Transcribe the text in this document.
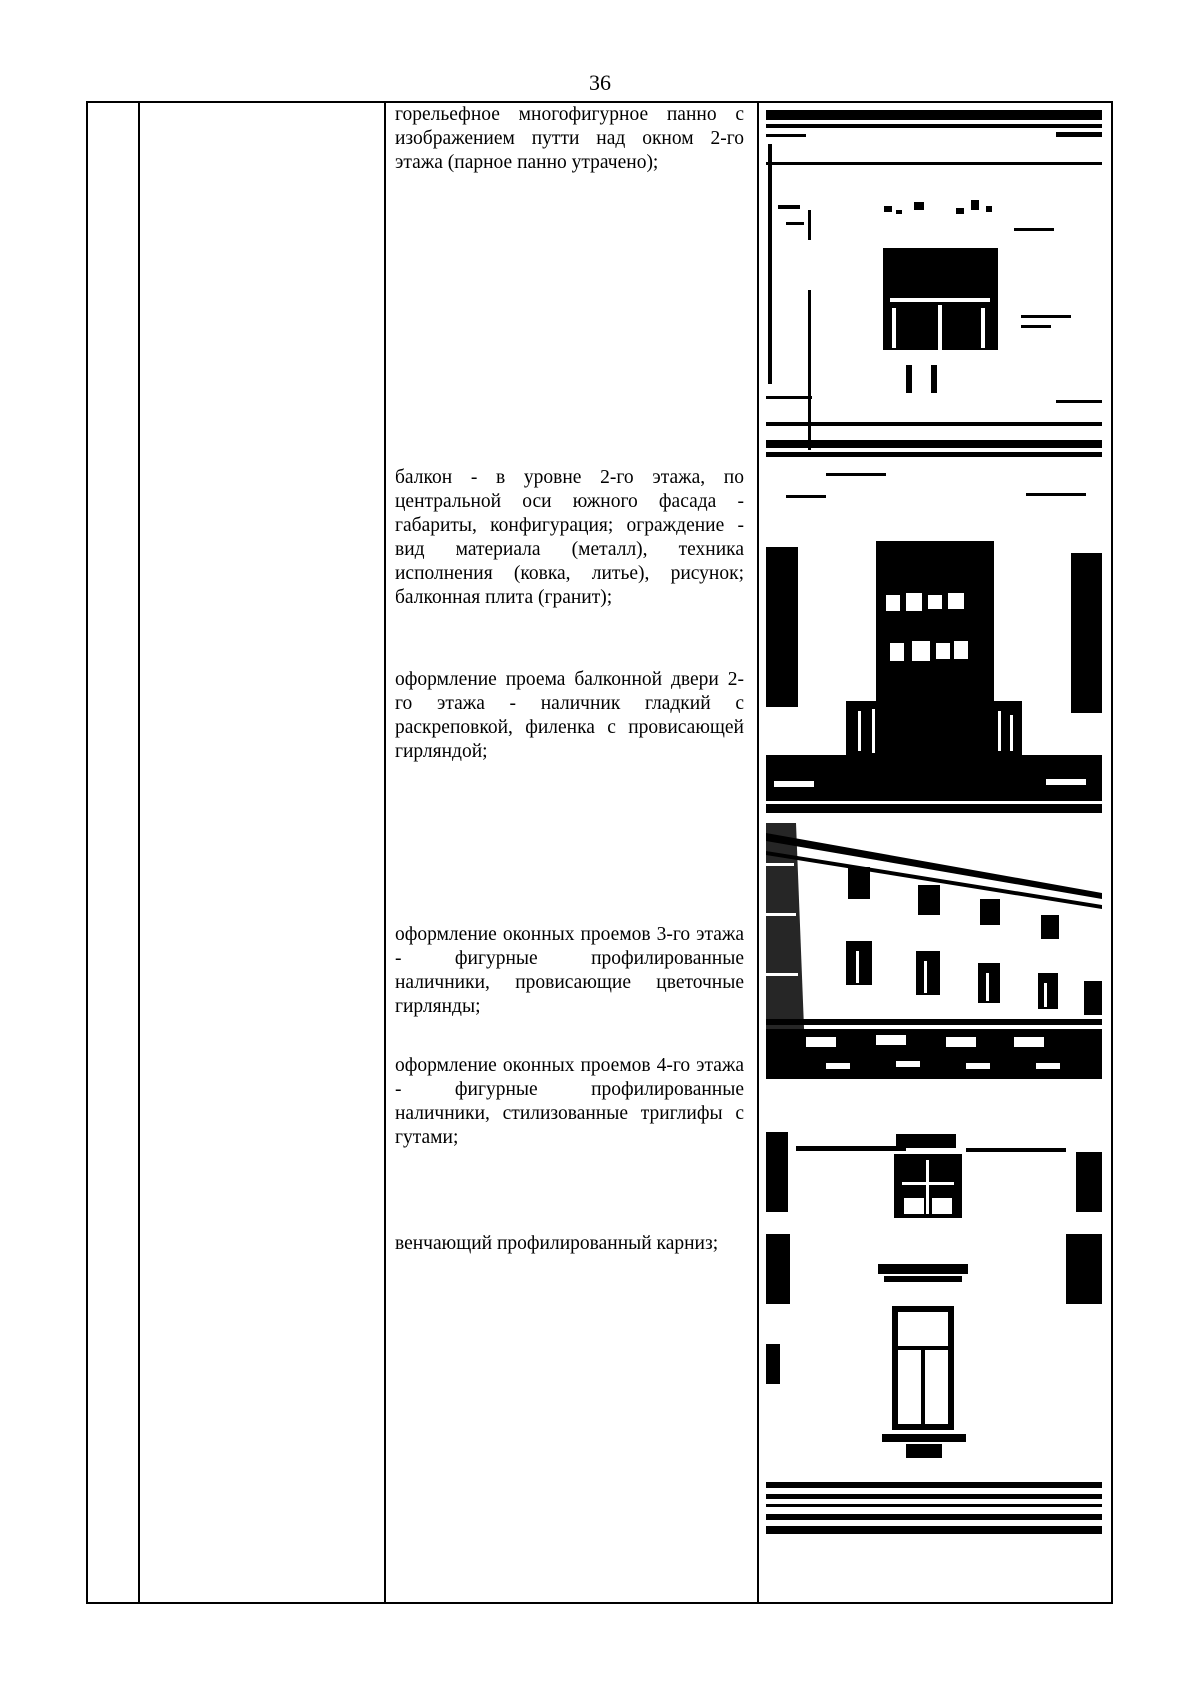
36

горельефное многофигурное панно с изображением путти над окном 2-го этажа (парное панно утрачено);

балкон - в уровне 2-го этажа, по центральной оси южного фасада - габариты, конфигурация; ограждение - вид материала (металл), техника исполнения (ковка, литье), рисунок; балконная плита (гранит);

оформление проема балконной двери 2-го этажа - наличник гладкий с раскреповкой, филенка с провисающей гирляндой;

оформление оконных проемов 3-го этажа - фигурные профилированные наличники, провисающие цветочные гирлянды;

оформление оконных проемов 4-го этажа - фигурные профилированные наличники, стилизованные триглифы с гутами;

венчающий профилированный карниз;
